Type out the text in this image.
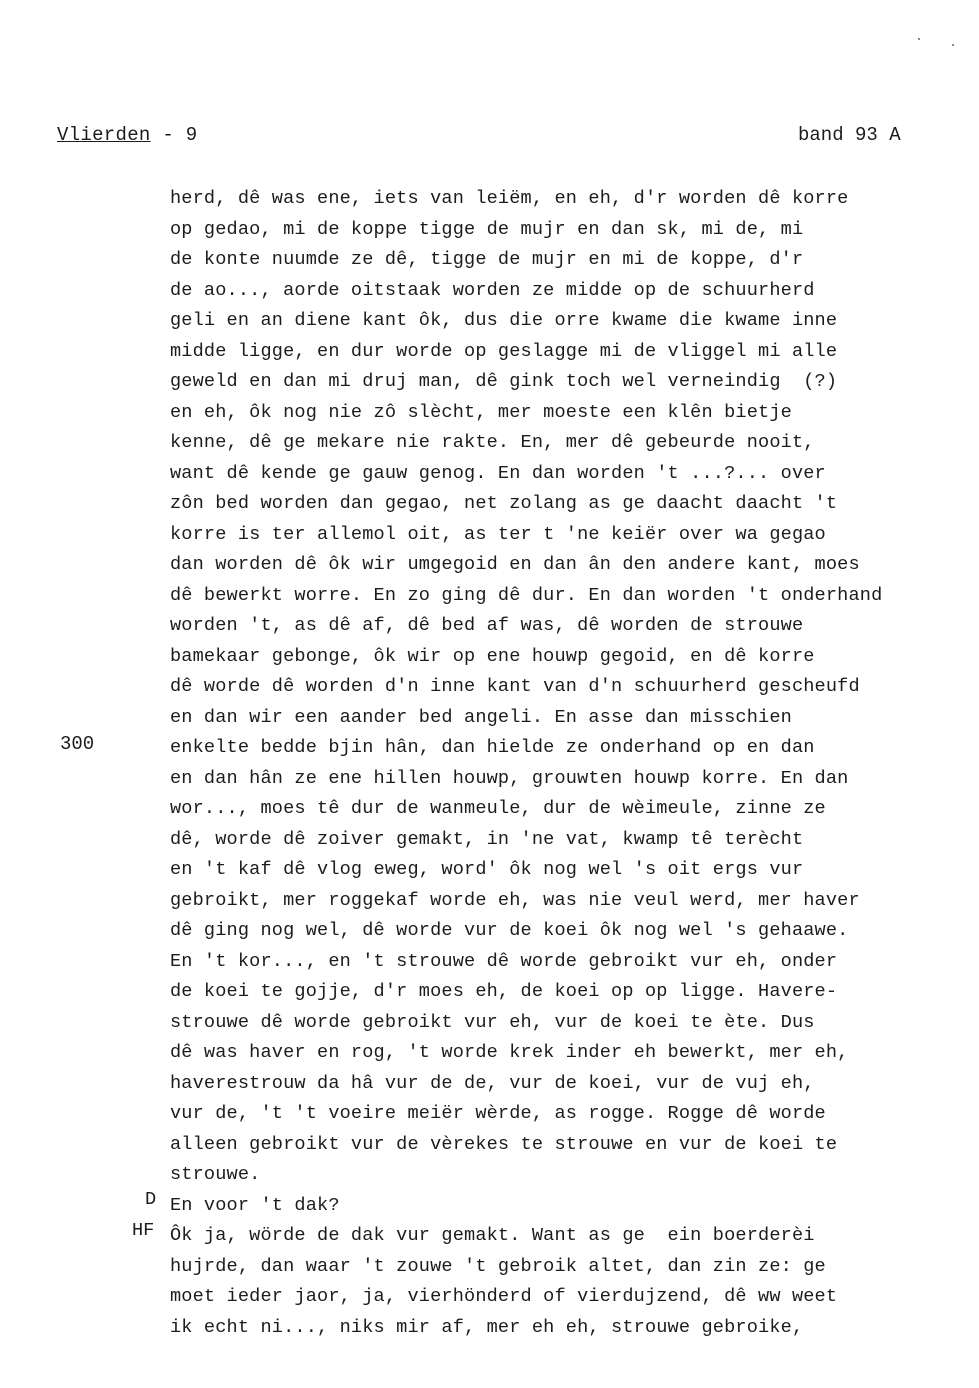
Vlierden - 9	band 93 A
300
D
HF
herd, dê was ene, iets van leiëm, en eh, d'r worden dê korre
op gedao, mi de koppe tigge de mujr en dan sk, mi de, mi
de konte nuumde ze dê, tigge de mujr en mi de koppe, d'r
de ao..., aorde oitstaak worden ze midde op de schuurherd
geli en an diene kant ôk, dus die orre kwame die kwame inne
midde ligge, en dur worde op geslagge mi de vliggel mi alle
geweld en dan mi druj man, dê gink toch wel verneindig  (?)
en eh, ôk nog nie zô slècht, mer moeste een klên bietje
kenne, dê ge mekare nie rakte. En, mer dê gebeurde nooit,
want dê kende ge gauw genog. En dan worden 't ...?... over
zôn bed worden dan gegao, net zolang as ge daacht daacht 't
korre is ter allemol oit, as ter t 'ne keiër over wa gegao
dan worden dê ôk wir umgegoid en dan ân den andere kant, moes
dê bewerkt worre. En zo ging dê dur. En dan worden 't onderhand
worden 't, as dê af, dê bed af was, dê worden de strouwe
bamekaar gebonge, ôk wir op ene houwp gegoid, en dê korre
dê worde dê worden d'n inne kant van d'n schuurherd gescheufd
en dan wir een aander bed angeli. En asse dan misschien
enkelte bedde bjin hân, dan hielde ze onderhand op en dan
en dan hân ze ene hillen houwp, grouwten houwp korre. En dan
wor..., moes tê dur de wanmeule, dur de wèimeule, zinne ze
dê, worde dê zoiver gemakt, in 'ne vat, kwamp tê terècht
en 't kaf dê vlog eweg, word' ôk nog wel 's oit ergs vur
gebroikt, mer roggekaf worde eh, was nie veul werd, mer haver
dê ging nog wel, dê worde vur de koei ôk nog wel 's gehaawe.
En 't kor..., en 't strouwe dê worde gebroikt vur eh, onder
de koei te gojje, d'r moes eh, de koei op op ligge. Havere-
strouwe dê worde gebroikt vur eh, vur de koei te ète. Dus
dê was haver en rog, 't worde krek inder eh bewerkt, mer eh,
haverestrouw da hâ vur de de, vur de koei, vur de vuj eh,
vur de, 't 't voeire meiër wèrde, as rogge. Rogge dê worde
alleen gebroikt vur de vèrekes te strouwe en vur de koei te
strouwe.
En voor 't dak?
Ôk ja, wörde de dak vur gemakt. Want as ge  ein boerderèi
hujrde, dan waar 't zouwe 't gebroik altet, dan zin ze: ge
moet ieder jaor, ja, vierhönderd of vierdujzend, dê ww weet
ik echt ni..., niks mir af, mer eh eh, strouwe gebroike,
